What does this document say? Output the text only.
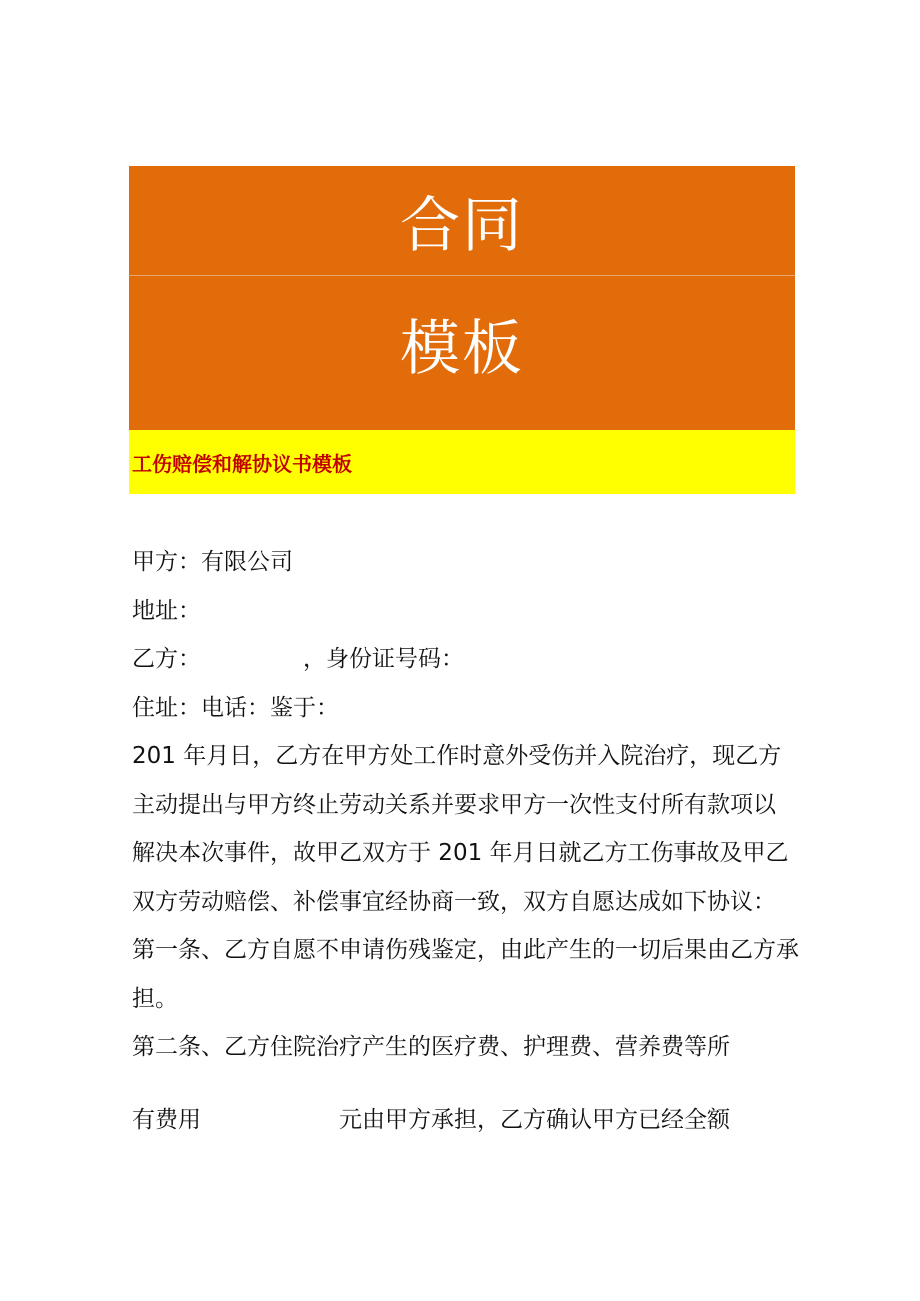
合同
模板
工伤赔偿和解协议书模板
甲方：有限公司
地址：
乙方：	，身份证号码：
住址：电话：鉴于：
201 年月日，乙方在甲方处工作时意外受伤并入院治疗，现乙方
主动提出与甲方终止劳动关系并要求甲方一次性支付所有款项以
解决本次事件，故甲乙双方于 201 年月日就乙方工伤事故及甲乙
双方劳动赔偿、补偿事宜经协商一致，双方自愿达成如下协议：
第一条、乙方自愿不申请伤残鉴定，由此产生的一切后果由乙方承
担。
第二条、乙方住院治疗产生的医疗费、护理费、营养费等所
有费用	元由甲方承担，乙方确认甲方已经全额
